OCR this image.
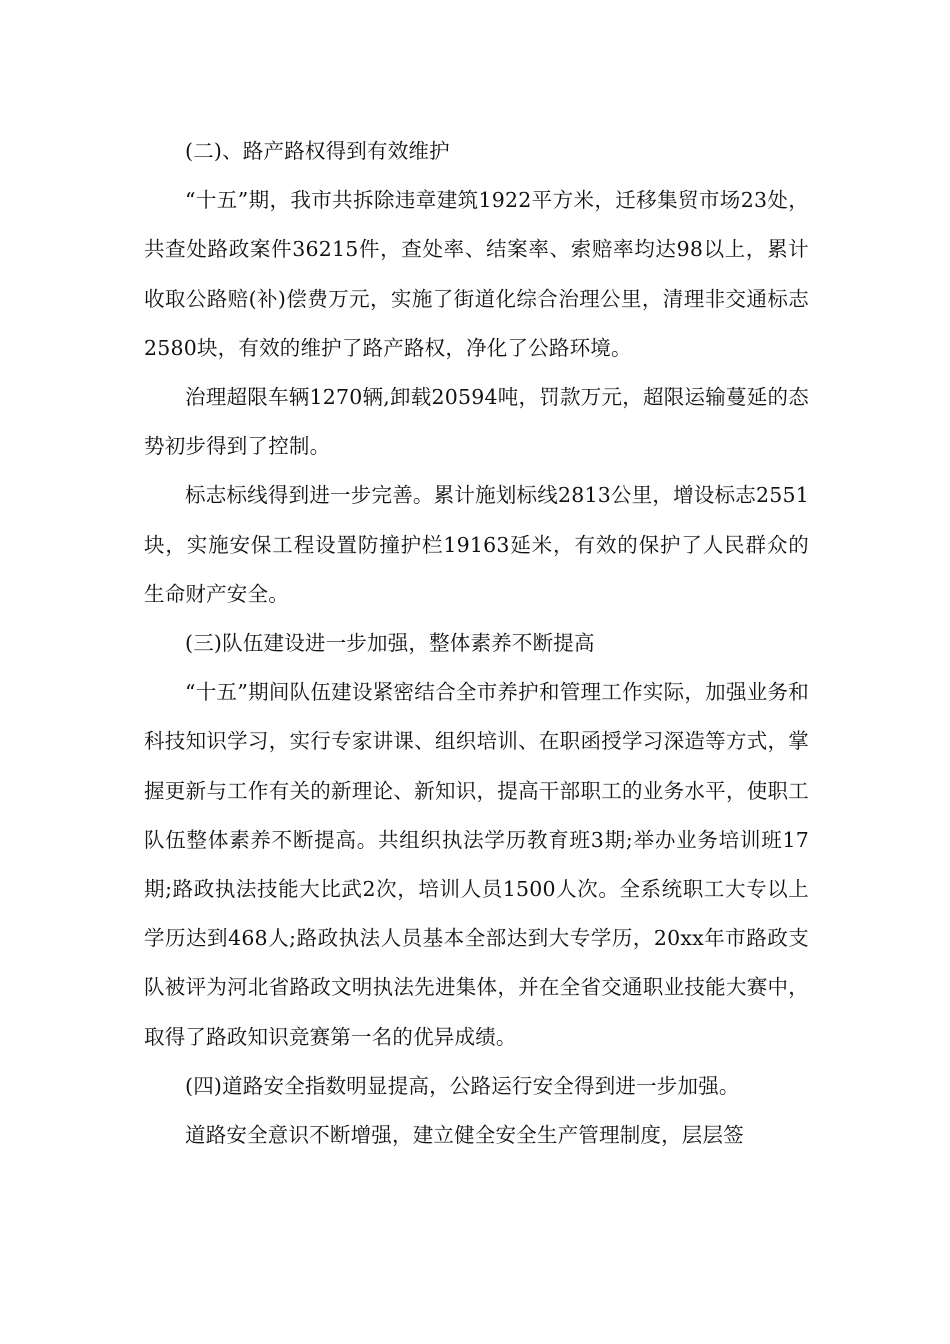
(二)、路产路权得到有效维护

“十五”期，我市共拆除违章建筑1922平方米，迁移集贸市场23处，共查处路政案件36215件，查处率、结案率、索赔率均达98以上，累计收取公路赔(补)偿费万元，实施了街道化综合治理公里，清理非交通标志2580块，有效的维护了路产路权，净化了公路环境。

治理超限车辆1270辆,卸载20594吨，罚款万元，超限运输蔓延的态势初步得到了控制。

标志标线得到进一步完善。累计施划标线2813公里，增设标志2551块，实施安保工程设置防撞护栏19163延米，有效的保护了人民群众的生命财产安全。

(三)队伍建设进一步加强，整体素养不断提高

“十五”期间队伍建设紧密结合全市养护和管理工作实际，加强业务和科技知识学习，实行专家讲课、组织培训、在职函授学习深造等方式，掌握更新与工作有关的新理论、新知识，提高干部职工的业务水平，使职工队伍整体素养不断提高。共组织执法学历教育班3期;举办业务培训班17期;路政执法技能大比武2次，培训人员1500人次。全系统职工大专以上学历达到468人;路政执法人员基本全部达到大专学历，20xx年市路政支队被评为河北省路政文明执法先进集体，并在全省交通职业技能大赛中，取得了路政知识竞赛第一名的优异成绩。

(四)道路安全指数明显提高，公路运行安全得到进一步加强。

道路安全意识不断增强，建立健全安全生产管理制度，层层签
